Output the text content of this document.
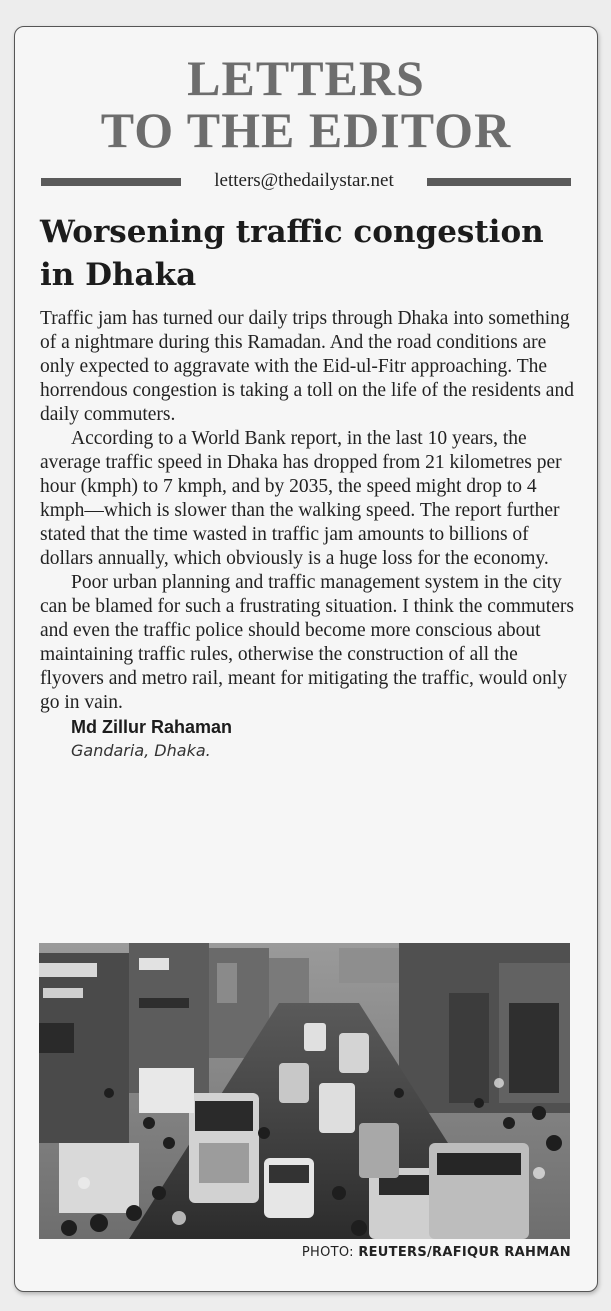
LETTERS
TO THE EDITOR
letters@thedailystar.net
Worsening traffic congestion in Dhaka

Traffic jam has turned our daily trips through Dhaka into something of a nightmare during this Ramadan. And the road conditions are only expected to aggravate with the Eid-ul-Fitr approaching. The horrendous congestion is taking a toll on the life of the residents and daily commuters.

According to a World Bank report, in the last 10 years, the average traffic speed in Dhaka has dropped from 21 kilometres per hour (kmph) to 7 kmph, and by 2035, the speed might drop to 4 kmph—which is slower than the walking speed. The report further stated that the time wasted in traffic jam amounts to billions of dollars annually, which obviously is a huge loss for the economy.

Poor urban planning and traffic management system in the city can be blamed for such a frustrating situation. I think the commuters and even the traffic police should become more conscious about maintaining traffic rules, otherwise the construction of all the flyovers and metro rail, meant for mitigating the traffic, would only go in vain.

Md Zillur Rahaman

Gandaria, Dhaka.

PHOTO: REUTERS/RAFIQUR RAHMAN
